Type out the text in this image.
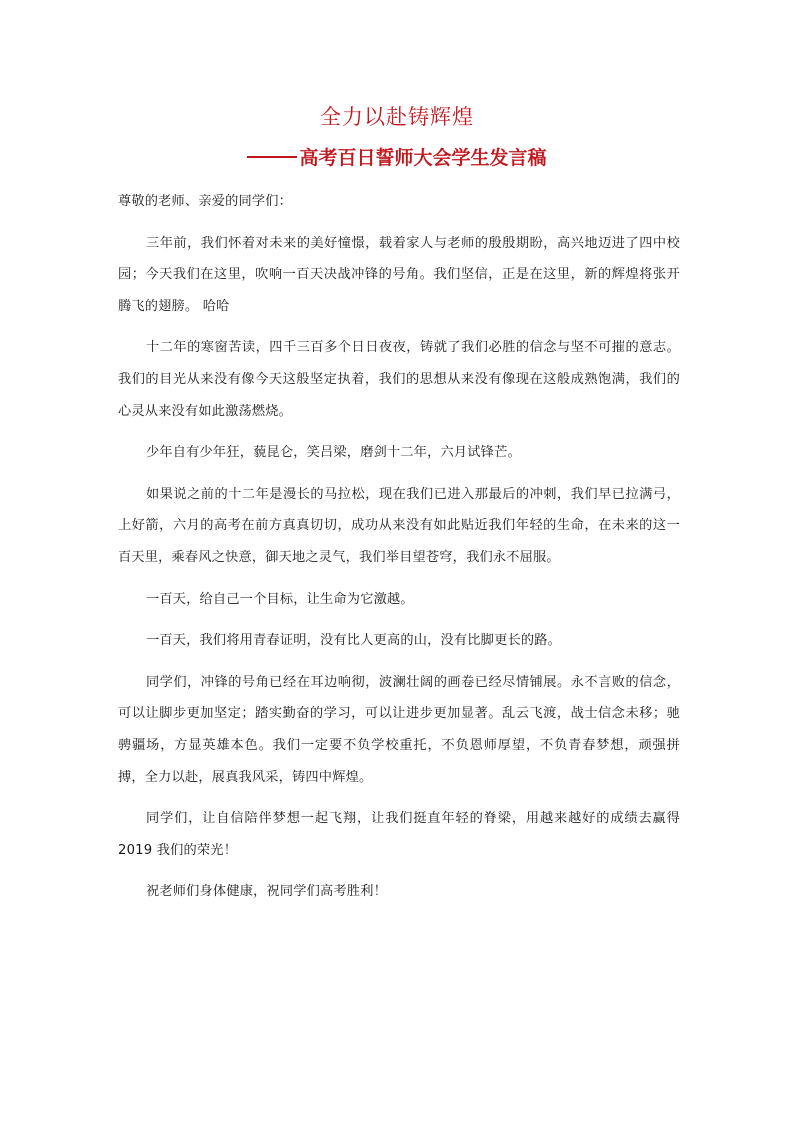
全力以赴铸辉煌
高考百日誓师大会学生发言稿

尊敬的老师、亲爱的同学们：

三年前，我们怀着对未来的美好憧憬，载着家人与老师的殷殷期盼，高兴地迈进了四中校园；今天我们在这里，吹响一百天决战冲锋的号角。我们坚信，正是在这里，新的辉煌将张开腾飞的翅膀。 哈哈

十二年的寒窗苦读，四千三百多个日日夜夜，铸就了我们必胜的信念与坚不可摧的意志。我们的目光从来没有像今天这般坚定执着，我们的思想从来没有像现在这般成熟饱满，我们的心灵从来没有如此激荡燃烧。

少年自有少年狂，藐昆仑，笑吕梁，磨剑十二年，六月试锋芒。

如果说之前的十二年是漫长的马拉松，现在我们已进入那最后的冲刺，我们早已拉满弓，上好箭，六月的高考在前方真真切切，成功从来没有如此贴近我们年轻的生命，在未来的这一百天里，乘春风之快意，御天地之灵气，我们举目望苍穹，我们永不屈服。

一百天，给自己一个目标，让生命为它激越。

一百天，我们将用青春证明，没有比人更高的山，没有比脚更长的路。

同学们，冲锋的号角已经在耳边响彻，波澜壮阔的画卷已经尽情铺展。永不言败的信念，可以让脚步更加坚定；踏实勤奋的学习，可以让进步更加显著。乱云飞渡，战士信念未移；驰骋疆场，方显英雄本色。我们一定要不负学校重托，不负恩师厚望，不负青春梦想，顽强拼搏，全力以赴，展真我风采，铸四中辉煌。

同学们，让自信陪伴梦想一起飞翔，让我们挺直年轻的脊梁，用越来越好的成绩去赢得2019 我们的荣光！

祝老师们身体健康，祝同学们高考胜利！
